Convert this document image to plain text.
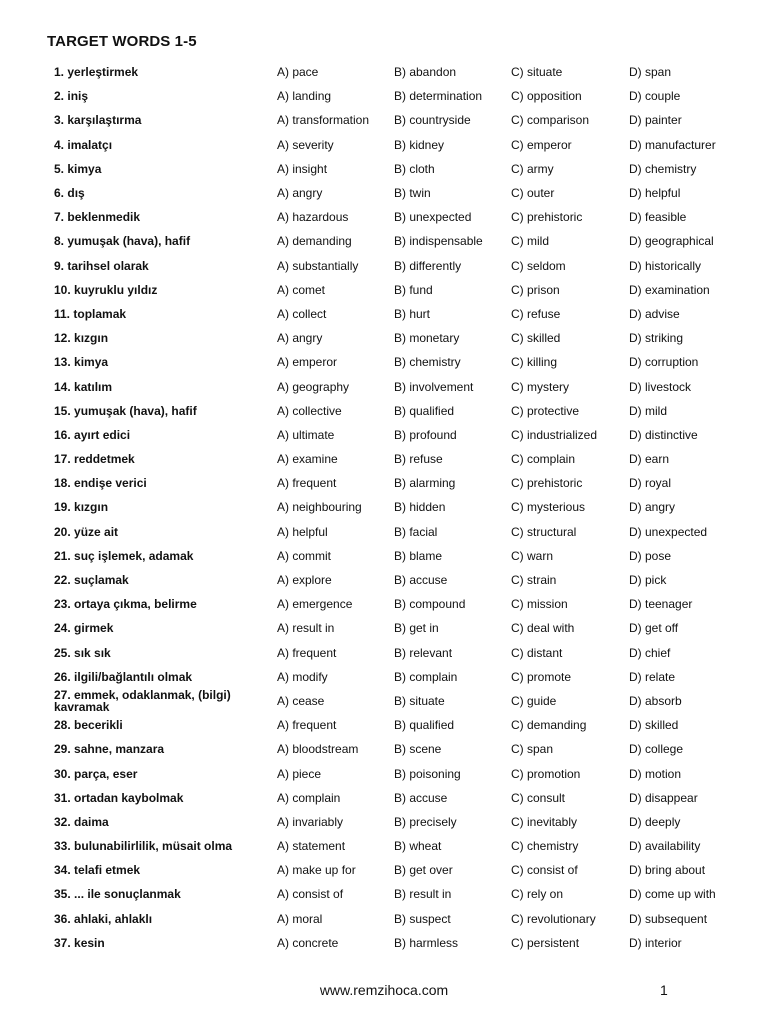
TARGET WORDS 1-5
1. yerleştirmek	A) pace	B) abandon	C) situate	D) span
2. iniş	A) landing	B) determination C) opposition	D) couple
3. karşılaştırma	A) transformation B) countryside	C) comparison	D) painter
4. imalatçı	A) severity	B) kidney	C) emperor	D) manufacturer
5. kimya	A) insight	B) cloth	C) army	D) chemistry
6. dış	A) angry	B) twin	C) outer	D) helpful
7. beklenmedik	A) hazardous	B) unexpected	C) prehistoric	D) feasible
8. yumuşak (hava), hafif	A) demanding	B) indispensable C) mild	D) geographical
9. tarihsel olarak	A) substantially	B) differently	C) seldom	D) historically
10. kuyruklu yıldız	A) comet	B) fund	C) prison	D) examination
11. toplamak	A) collect	B) hurt	C) refuse	D) advise
12. kızgın	A) angry	B) monetary	C) skilled	D) striking
13. kimya	A) emperor	B) chemistry	C) killing	D) corruption
14. katılım	A) geography	B) involvement	C) mystery	D) livestock
15. yumuşak (hava), hafif	A) collective	B) qualified	C) protective	D) mild
16. ayırt edici	A) ultimate	B) profound	C) industrialized	D) distinctive
17. reddetmek	A) examine	B) refuse	C) complain	D) earn
18. endişe verici	A) frequent	B) alarming	C) prehistoric	D) royal
19. kızgın	A) neighbouring	B) hidden	C) mysterious	D) angry
20. yüze ait	A) helpful	B) facial	C) structural	D) unexpected
21. suç işlemek, adamak	A) commit	B) blame	C) warn	D) pose
22. suçlamak	A) explore	B) accuse	C) strain	D) pick
23. ortaya çıkma, belirme	A) emergence	B) compound	C) mission	D) teenager
24. girmek	A) result in	B) get in	C) deal with	D) get off
25. sık sık	A) frequent	B) relevant	C) distant	D) chief
26. ilgili/bağlantılı olmak	A) modify	B) complain	C) promote	D) relate
27. emmek, odaklanmak, (bilgi) kavramak	A) cease	B) situate	C) guide	D) absorb
28. becerikli	A) frequent	B) qualified	C) demanding	D) skilled
29. sahne, manzara	A) bloodstream	B) scene	C) span	D) college
30. parça, eser	A) piece	B) poisoning	C) promotion	D) motion
31. ortadan kaybolmak	A) complain	B) accuse	C) consult	D) disappear
32. daima	A) invariably	B) precisely	C) inevitably	D) deeply
33. bulunabilirlilik, müsait olma	A) statement	B) wheat	C) chemistry	D) availability
34. telafi etmek	A) make up for	B) get over	C) consist of	D) bring about
35. ... ile sonuçlanmak	A) consist of	B) result in	C) rely on	D) come up with
36. ahlaki, ahlaklı	A) moral	B) suspect	C) revolutionary	D) subsequent
37. kesin	A) concrete	B) harmless	C) persistent	D) interior
www.remzihoca.com	1
